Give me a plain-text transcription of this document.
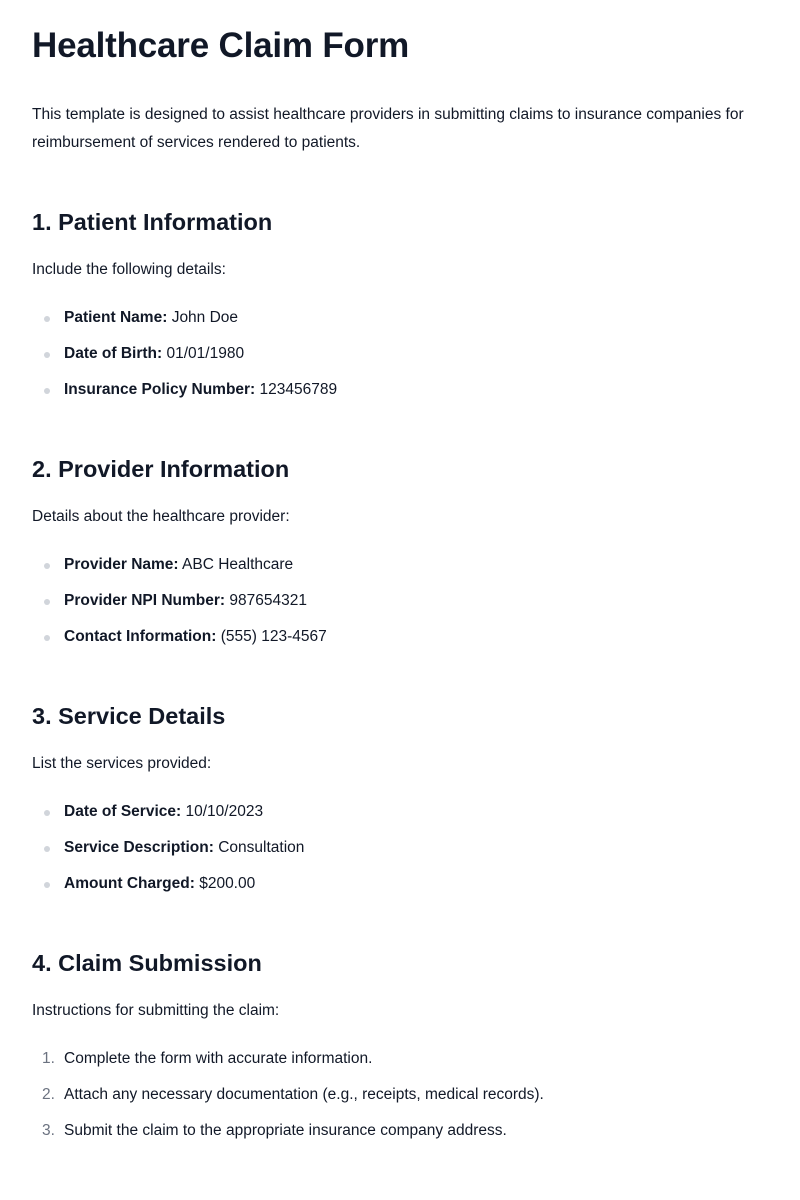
Healthcare Claim Form

This template is designed to assist healthcare providers in submitting claims to insurance companies for reimbursement of services rendered to patients.

1. Patient Information

Include the following details:

Patient Name: John Doe
Date of Birth: 01/01/1980
Insurance Policy Number: 123456789
2. Provider Information

Details about the healthcare provider:

Provider Name: ABC Healthcare
Provider NPI Number: 987654321
Contact Information: (555) 123-4567
3. Service Details

List the services provided:

Date of Service: 10/10/2023
Service Description: Consultation
Amount Charged: $200.00
4. Claim Submission

Instructions for submitting the claim:

1. Complete the form with accurate information.
2. Attach any necessary documentation (e.g., receipts, medical records).
3. Submit the claim to the appropriate insurance company address.
